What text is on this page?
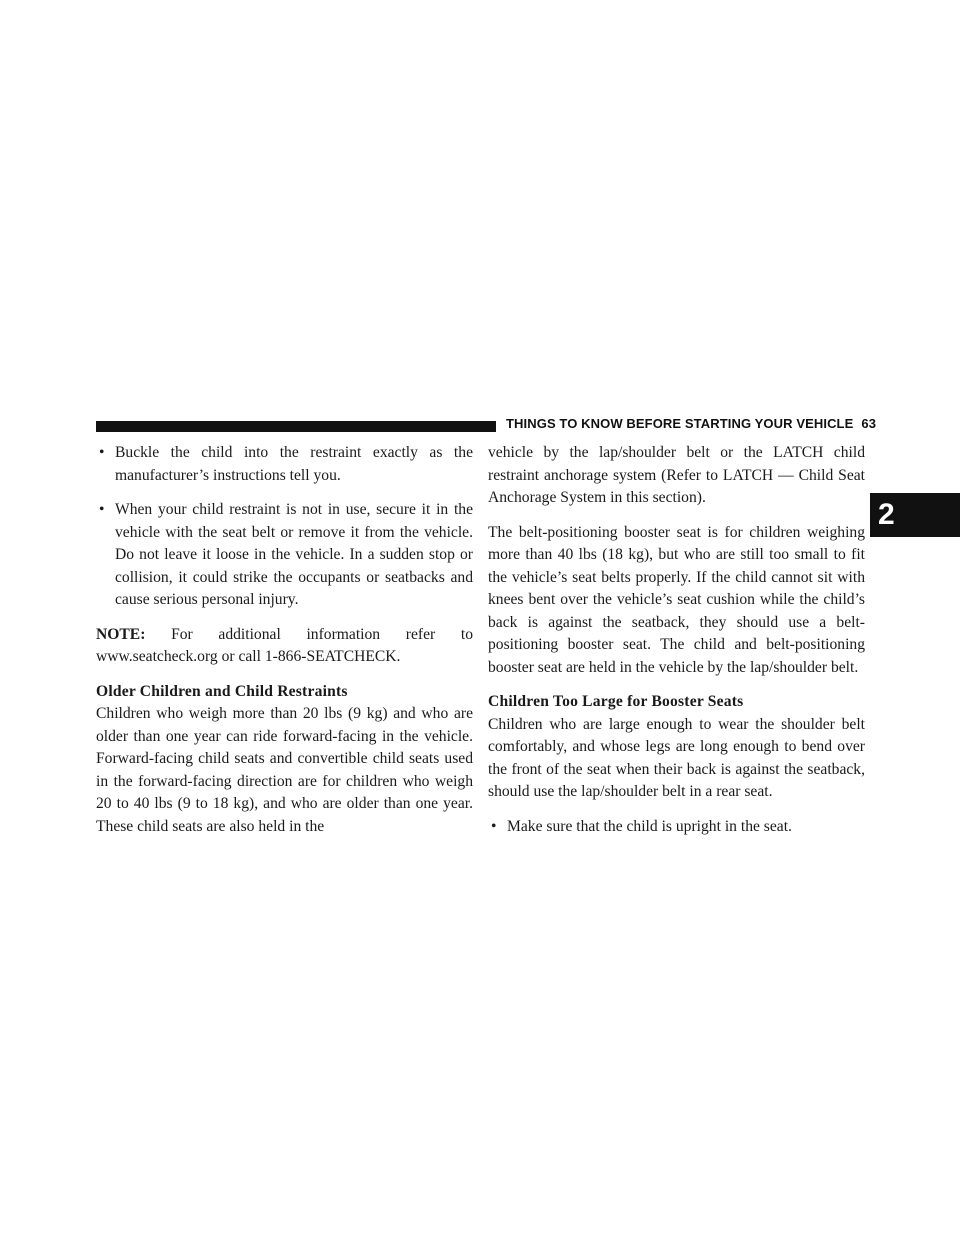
THINGS TO KNOW BEFORE STARTING YOUR VEHICLE 63
2
• Buckle the child into the restraint exactly as the manufacturer’s instructions tell you.
• When your child restraint is not in use, secure it in the vehicle with the seat belt or remove it from the vehicle. Do not leave it loose in the vehicle. In a sudden stop or collision, it could strike the occupants or seatbacks and cause serious personal injury.

NOTE: For additional information refer to

www.seatcheck.org or call 1-866-SEATCHECK.

Older Children and Child Restraints

Children who weigh more than 20 lbs (9 kg) and who are older than one year can ride forward-facing in the vehicle. Forward-facing child seats and convertible child seats used in the forward-facing direction are for children who weigh 20 to 40 lbs (9 to 18 kg), and who are older than one year. These child seats are also held in the

vehicle by the lap/shoulder belt or the LATCH child restraint anchorage system (Refer to LATCH — Child Seat Anchorage System in this section).

The belt-positioning booster seat is for children weighing more than 40 lbs (18 kg), but who are still too small to fit the vehicle’s seat belts properly. If the child cannot sit with knees bent over the vehicle’s seat cushion while the child’s back is against the seatback, they should use a belt-positioning booster seat. The child and belt-positioning booster seat are held in the vehicle by the lap/shoulder belt.

Children Too Large for Booster Seats

Children who are large enough to wear the shoulder belt comfortably, and whose legs are long enough to bend over the front of the seat when their back is against the seatback, should use the lap/shoulder belt in a rear seat.

• Make sure that the child is upright in the seat.
